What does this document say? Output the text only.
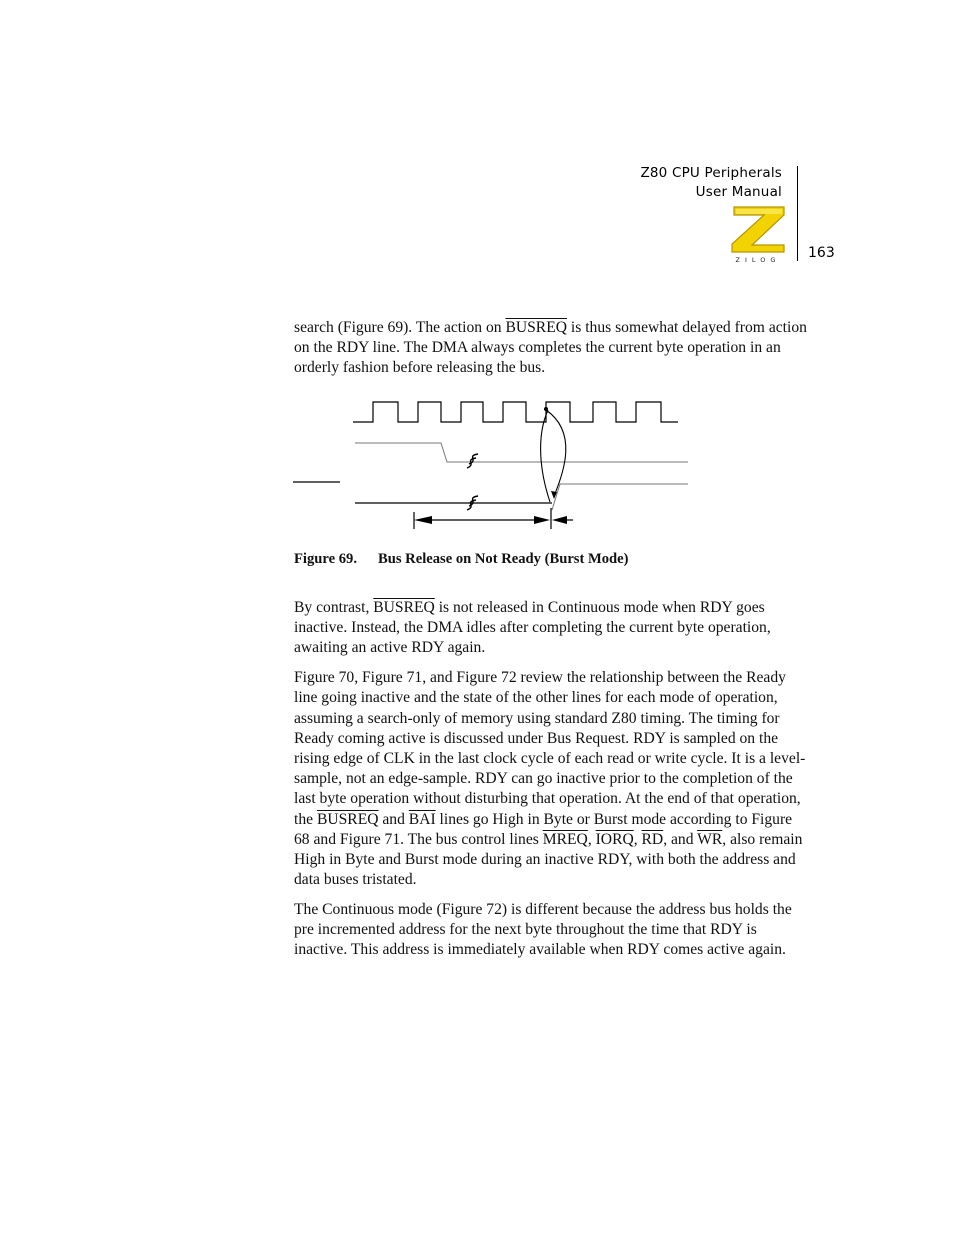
Z80 CPU Peripherals
User Manual
ZILOG 163

search (Figure 69). The action on BUSREQ is thus somewhat delayed from action on the RDY line. The DMA always completes the current byte operation in an orderly fashion before releasing the bus.

Figure 69. Bus Release on Not Ready (Burst Mode)

By contrast, BUSREQ is not released in Continuous mode when RDY goes inactive. Instead, the DMA idles after completing the current byte operation, awaiting an active RDY again.

Figure 70, Figure 71, and Figure 72 review the relationship between the Ready line going inactive and the state of the other lines for each mode of operation, assuming a search-only of memory using standard Z80 timing. The timing for Ready coming active is discussed under Bus Request. RDY is sampled on the rising edge of CLK in the last clock cycle of each read or write cycle. It is a level-sample, not an edge-sample. RDY can go inactive prior to the completion of the last byte operation without disturbing that operation. At the end of that operation, the BUSREQ and $\overline{BAI}$ lines go High in Byte or Burst mode according to Figure 68 and Figure 71. The bus control lines MREQ, IORQ, $\overline{RD}$, and $\overline{WR}$, also remain High in Byte and Burst mode during an inactive RDY, with both the address and data buses tristated.

The Continuous mode (Figure 72) is different because the address bus holds the pre incremented address for the next byte throughout the time that RDY is inactive. This address is immediately available when RDY comes active again.
